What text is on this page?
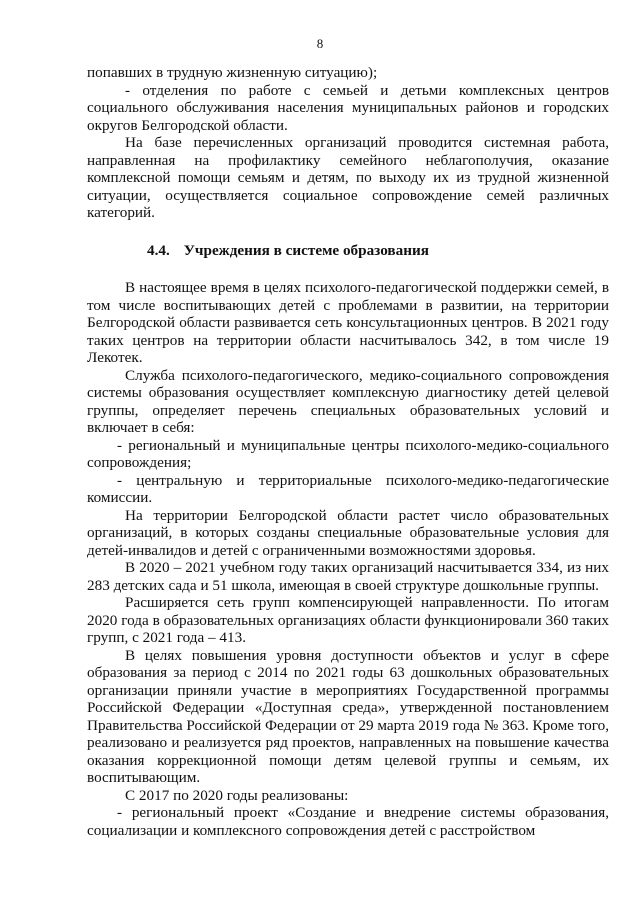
8

попавших в трудную жизненную ситуацию);

- отделения по работе с семьей и детьми комплексных центров социального обслуживания населения муниципальных районов и городских округов Белгородской области.

На базе перечисленных организаций проводится системная работа, направленная на профилактику семейного неблагополучия, оказание комплексной помощи семьям и детям, по выходу их из трудной жизненной ситуации, осуществляется социальное сопровождение семей различных категорий.

4.4. Учреждения в системе образования

В настоящее время в целях психолого-педагогической поддержки семей, в том числе воспитывающих детей с проблемами в развитии, на территории Белгородской области развивается сеть консультационных центров. В 2021 году таких центров на территории области насчитывалось 342, в том числе 19 Лекотек.

Служба психолого-педагогического, медико-социального сопровождения системы образования осуществляет комплексную диагностику детей целевой группы, определяет перечень специальных образовательных условий и включает в себя:

- региональный и муниципальные центры психолого-медико-социального сопровождения;

- центральную и территориальные психолого-медико-педагогические комиссии.

На территории Белгородской области растет число образовательных организаций, в которых созданы специальные образовательные условия для детей-инвалидов и детей с ограниченными возможностями здоровья.

В 2020 – 2021 учебном году таких организаций насчитывается 334, из них 283 детских сада и 51 школа, имеющая в своей структуре дошкольные группы.

Расширяется сеть групп компенсирующей направленности. По итогам 2020 года в образовательных организациях области функционировали 360 таких групп, с 2021 года – 413.

В целях повышения уровня доступности объектов и услуг в сфере образования за период с 2014 по 2021 годы 63 дошкольных образовательных организации приняли участие в мероприятиях Государственной программы Российской Федерации «Доступная среда», утвержденной постановлением Правительства Российской Федерации от 29 марта 2019 года № 363. Кроме того, реализовано и реализуется ряд проектов, направленных на повышение качества оказания коррекционной помощи детям целевой группы и семьям, их воспитывающим.

С 2017 по 2020 годы реализованы:

- региональный проект «Создание и внедрение системы образования, социализации и комплексного сопровождения детей с расстройством
